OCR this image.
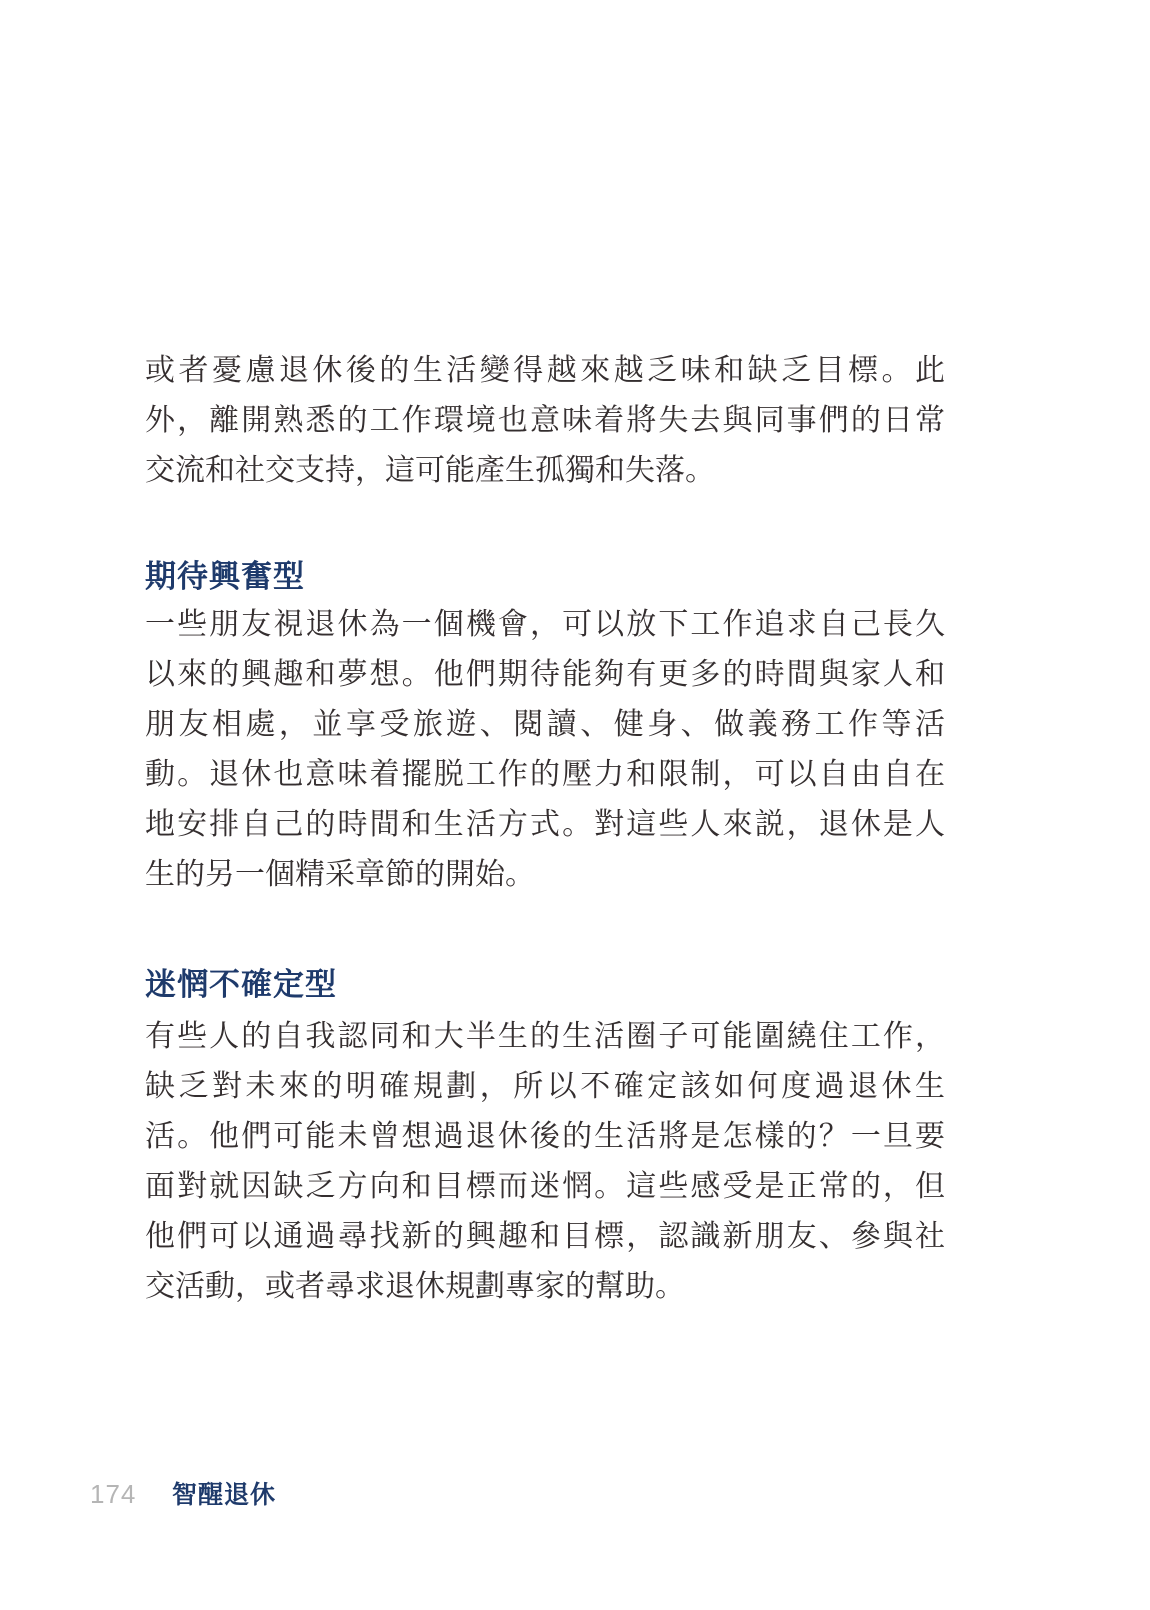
或者憂慮退休後的生活變得越來越乏味和缺乏目標。此
外，離開熟悉的工作環境也意味着將失去與同事們的日常
交流和社交支持，這可能產生孤獨和失落。

期待興奮型

一些朋友視退休為一個機會，可以放下工作追求自己長久
以來的興趣和夢想。他們期待能夠有更多的時間與家人和
朋友相處，並享受旅遊、閱讀、健身、做義務工作等活
動。退休也意味着擺脱工作的壓力和限制，可以自由自在
地安排自己的時間和生活方式。對這些人來説，退休是人
生的另一個精采章節的開始。

迷惘不確定型

有些人的自我認同和大半生的生活圈子可能圍繞住工作，
缺乏對未來的明確規劃，所以不確定該如何度過退休生
活。他們可能未曾想過退休後的生活將是怎樣的？一旦要
面對就因缺乏方向和目標而迷惘。這些感受是正常的，但
他們可以通過尋找新的興趣和目標，認識新朋友、參與社
交活動，或者尋求退休規劃專家的幫助。

174 智醒退休
